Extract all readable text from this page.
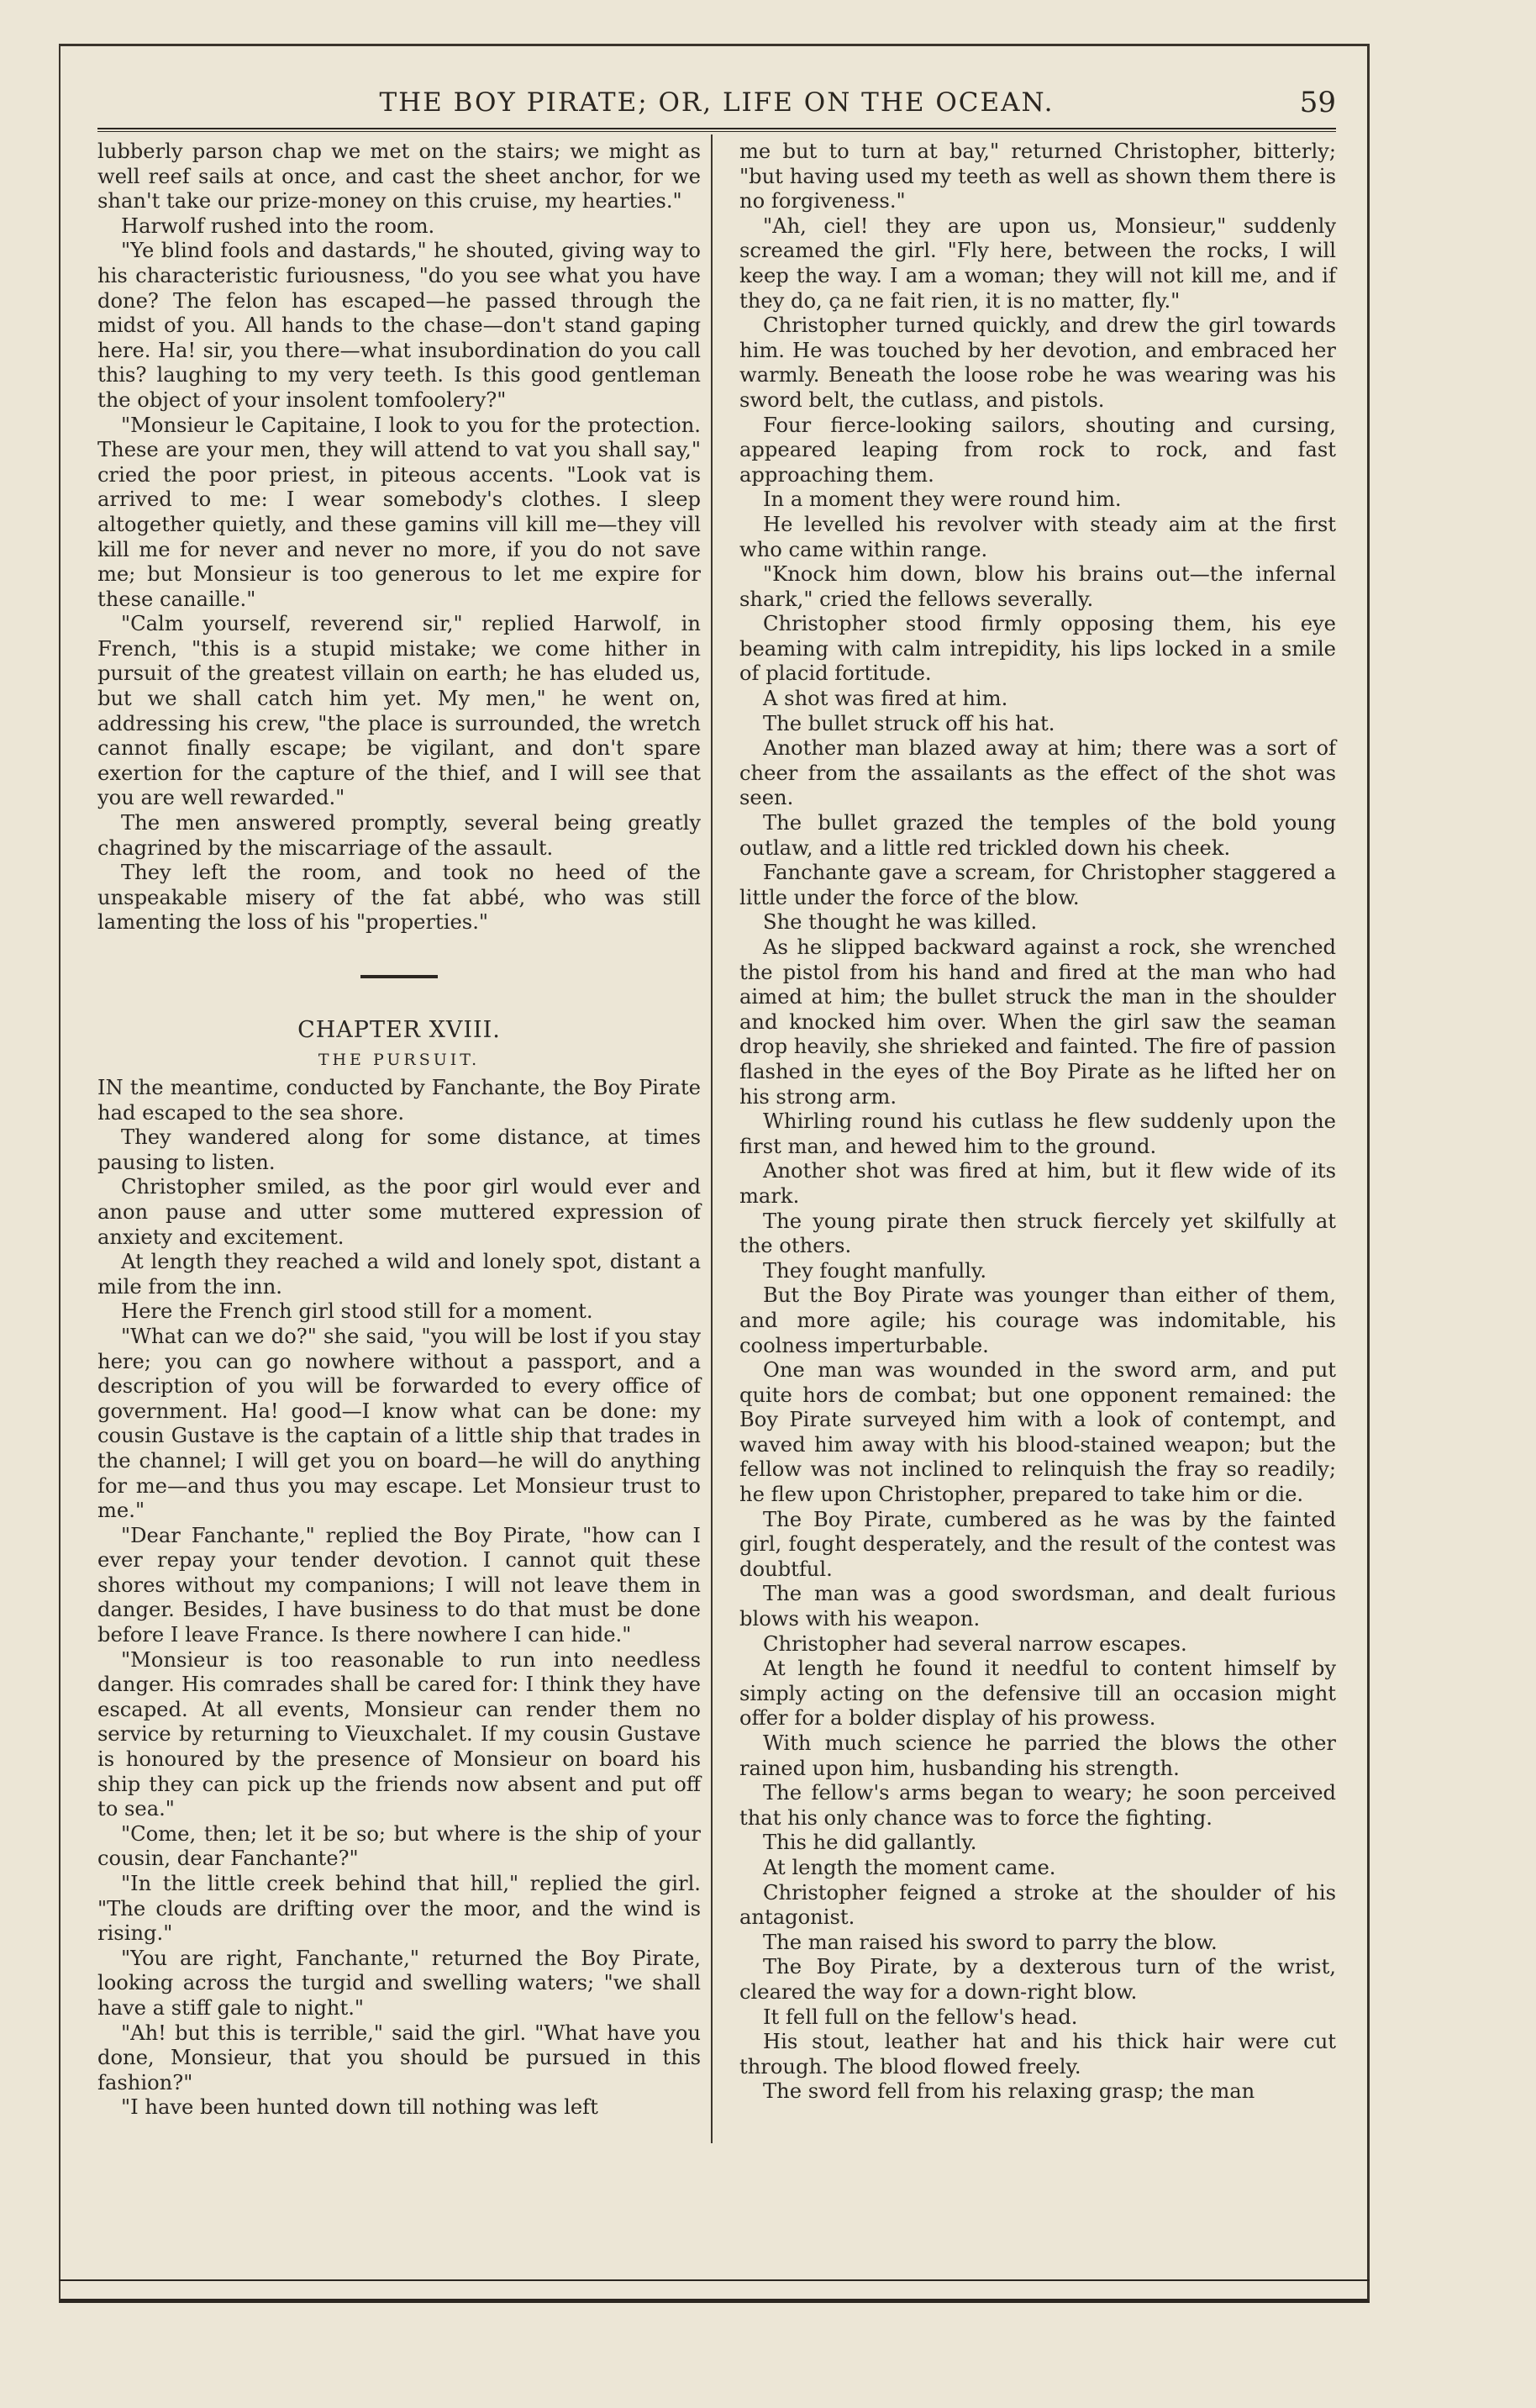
THE BOY PIRATE; OR, LIFE ON THE OCEAN.	59

lubberly parson chap we met on the stairs; we might as well reef sails at once, and cast the sheet anchor, for we shan't take our prize-money on this cruise, my hearties."

Harwolf rushed into the room.

"Ye blind fools and dastards," he shouted, giving way to his characteristic furiousness, "do you see what you have done? The felon has escaped—he passed through the midst of you. All hands to the chase—don't stand gaping here. Ha! sir, you there—what insubordination do you call this? laughing to my very teeth. Is this good gentleman the object of your insolent tomfoolery?"

"Monsieur le Capitaine, I look to you for the protection. These are your men, they will attend to vat you shall say," cried the poor priest, in piteous accents. "Look vat is arrived to me: I wear somebody's clothes. I sleep altogether quietly, and these gamins vill kill me—they vill kill me for never and never no more, if you do not save me; but Monsieur is too generous to let me expire for these canaille."

"Calm yourself, reverend sir," replied Harwolf, in French, "this is a stupid mistake; we come hither in pursuit of the greatest villain on earth; he has eluded us, but we shall catch him yet. My men," he went on, addressing his crew, "the place is surrounded, the wretch cannot finally escape; be vigilant, and don't spare exertion for the capture of the thief, and I will see that you are well rewarded."

The men answered promptly, several being greatly chagrined by the miscarriage of the assault.

They left the room, and took no heed of the unspeakable misery of the fat abbé, who was still lamenting the loss of his "properties."

CHAPTER XVIII.
THE PURSUIT.

IN the meantime, conducted by Fanchante, the Boy Pirate had escaped to the sea shore.

They wandered along for some distance, at times pausing to listen.

Christopher smiled, as the poor girl would ever and anon pause and utter some muttered expression of anxiety and excitement.

At length they reached a wild and lonely spot, distant a mile from the inn.

Here the French girl stood still for a moment.

"What can we do?" she said, "you will be lost if you stay here; you can go nowhere without a passport, and a description of you will be forwarded to every office of government. Ha! good—I know what can be done: my cousin Gustave is the captain of a little ship that trades in the channel; I will get you on board—he will do anything for me—and thus you may escape. Let Monsieur trust to me."

"Dear Fanchante," replied the Boy Pirate, "how can I ever repay your tender devotion. I cannot quit these shores without my companions; I will not leave them in danger. Besides, I have business to do that must be done before I leave France. Is there nowhere I can hide."

"Monsieur is too reasonable to run into needless danger. His comrades shall be cared for: I think they have escaped. At all events, Monsieur can render them no service by returning to Vieuxchalet. If my cousin Gustave is honoured by the presence of Monsieur on board his ship they can pick up the friends now absent and put off to sea."

"Come, then; let it be so; but where is the ship of your cousin, dear Fanchante?"

"In the little creek behind that hill," replied the girl. "The clouds are drifting over the moor, and the wind is rising."

"You are right, Fanchante," returned the Boy Pirate, looking across the turgid and swelling waters; "we shall have a stiff gale to night."

"Ah! but this is terrible," said the girl. "What have you done, Monsieur, that you should be pursued in this fashion?"

"I have been hunted down till nothing was left

me but to turn at bay," returned Christopher, bitterly; "but having used my teeth as well as shown them there is no forgiveness."

"Ah, ciel! they are upon us, Monsieur," suddenly screamed the girl. "Fly here, between the rocks, I will keep the way. I am a woman; they will not kill me, and if they do, ça ne fait rien, it is no matter, fly."

Christopher turned quickly, and drew the girl towards him. He was touched by her devotion, and embraced her warmly. Beneath the loose robe he was wearing was his sword belt, the cutlass, and pistols.

Four fierce-looking sailors, shouting and cursing, appeared leaping from rock to rock, and fast approaching them.

In a moment they were round him.

He levelled his revolver with steady aim at the first who came within range.

"Knock him down, blow his brains out—the infernal shark," cried the fellows severally.

Christopher stood firmly opposing them, his eye beaming with calm intrepidity, his lips locked in a smile of placid fortitude.

A shot was fired at him.

The bullet struck off his hat.

Another man blazed away at him; there was a sort of cheer from the assailants as the effect of the shot was seen.

The bullet grazed the temples of the bold young outlaw, and a little red trickled down his cheek.

Fanchante gave a scream, for Christopher staggered a little under the force of the blow.

She thought he was killed.

As he slipped backward against a rock, she wrenched the pistol from his hand and fired at the man who had aimed at him; the bullet struck the man in the shoulder and knocked him over. When the girl saw the seaman drop heavily, she shrieked and fainted. The fire of passion flashed in the eyes of the Boy Pirate as he lifted her on his strong arm.

Whirling round his cutlass he flew suddenly upon the first man, and hewed him to the ground.

Another shot was fired at him, but it flew wide of its mark.

The young pirate then struck fiercely yet skilfully at the others.

They fought manfully.

But the Boy Pirate was younger than either of them, and more agile; his courage was indomitable, his coolness imperturbable.

One man was wounded in the sword arm, and put quite hors de combat; but one opponent remained: the Boy Pirate surveyed him with a look of contempt, and waved him away with his blood-stained weapon; but the fellow was not inclined to relinquish the fray so readily; he flew upon Christopher, prepared to take him or die.

The Boy Pirate, cumbered as he was by the fainted girl, fought desperately, and the result of the contest was doubtful.

The man was a good swordsman, and dealt furious blows with his weapon.

Christopher had several narrow escapes.

At length he found it needful to content himself by simply acting on the defensive till an occasion might offer for a bolder display of his prowess.

With much science he parried the blows the other rained upon him, husbanding his strength.

The fellow's arms began to weary; he soon perceived that his only chance was to force the fighting.

This he did gallantly.

At length the moment came.

Christopher feigned a stroke at the shoulder of his antagonist.

The man raised his sword to parry the blow.

The Boy Pirate, by a dexterous turn of the wrist, cleared the way for a down-right blow.

It fell full on the fellow's head.

His stout, leather hat and his thick hair were cut through. The blood flowed freely.

The sword fell from his relaxing grasp; the man
